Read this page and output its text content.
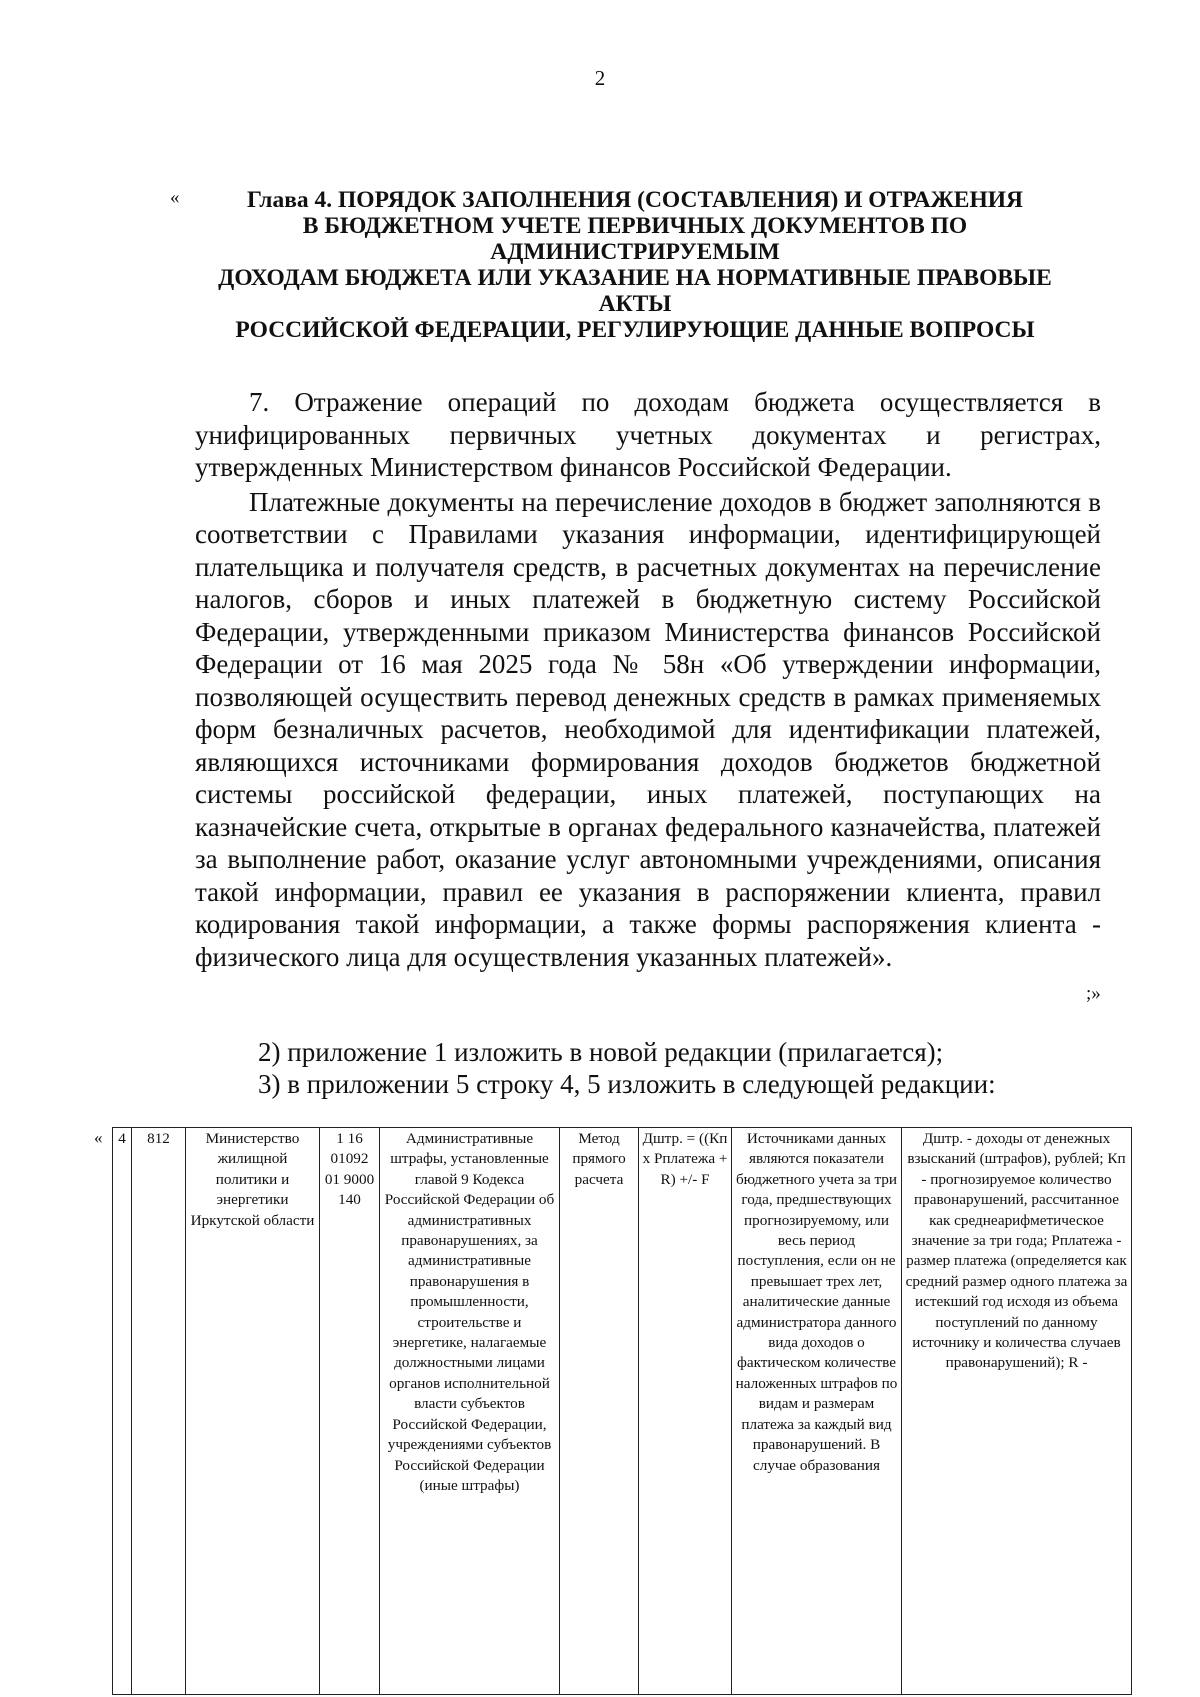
2
«	Глава 4. ПОРЯДОК ЗАПОЛНЕНИЯ (СОСТАВЛЕНИЯ) И ОТРАЖЕНИЯ
В БЮДЖЕТНОМ УЧЕТЕ ПЕРВИЧНЫХ ДОКУМЕНТОВ ПО
АДМИНИСТРИРУЕМЫМ
ДОХОДАМ БЮДЖЕТА ИЛИ УКАЗАНИЕ НА НОРМАТИВНЫЕ ПРАВОВЫЕ
АКТЫ
РОССИЙСКОЙ ФЕДЕРАЦИИ, РЕГУЛИРУЮЩИЕ ДАННЫЕ ВОПРОСЫ

7. Отражение операций по доходам бюджета осуществляется в унифицированных первичных учетных документах и регистрах, утвержденных Министерством финансов Российской Федерации.

Платежные документы на перечисление доходов в бюджет заполняются в соответствии с Правилами указания информации, идентифицирующей плательщика и получателя средств, в расчетных документах на перечисление налогов, сборов и иных платежей в бюджетную систему Российской Федерации, утвержденными приказом Министерства финансов Российской Федерации от 16 мая 2025 года № 58н «Об утверждении информации, позволяющей осуществить перевод денежных средств в рамках применяемых форм безналичных расчетов, необходимой для идентификации платежей, являющихся источниками формирования доходов бюджетов бюджетной системы российской федерации, иных платежей, поступающих на казначейские счета, открытые в органах федерального казначейства, платежей за выполнение работ, оказание услуг автономными учреждениями, описания такой информации, правил ее указания в распоряжении клиента, правил кодирования такой информации, а также формы распоряжения клиента - физического лица для осуществления указанных платежей».

;»
2) приложение 1 изложить в новой редакции (прилагается);
3) в приложении 5 строку 4, 5 изложить в следующей редакции:
« 4	812	Министерство жилищной политики и энергетики Иркутской области	1 16 01092 01 9000 140	Административные штрафы, установленные главой 9 Кодекса Российской Федерации об административных правонарушениях, за административные правонарушения в промышленности, строительстве и энергетике, налагаемые должностными лицами органов исполнительной власти субъектов Российской Федерации, учреждениями субъектов Российской Федерации (иные штрафы)	Метод прямого расчета	Дштр. = ((Кп х Рплатежа + R) +/- F	Источниками данных являются показатели бюджетного учета за три года, предшествующих прогнозируемому, или весь период поступления, если он не превышает трех лет, аналитические данные администратора данного вида доходов о фактическом количестве наложенных штрафов по видам и размерам платежа за каждый вид правонарушений. В случае образования	Дштр. - доходы от денежных взысканий (штрафов), рублей; Кп - прогнозируемое количество правонарушений, рассчитанное как среднеарифметическое значение за три года; Рплатежа - размер платежа (определяется как средний размер одного платежа за истекший год исходя из объема поступлений по данному источнику и количества случаев правонарушений); R -
